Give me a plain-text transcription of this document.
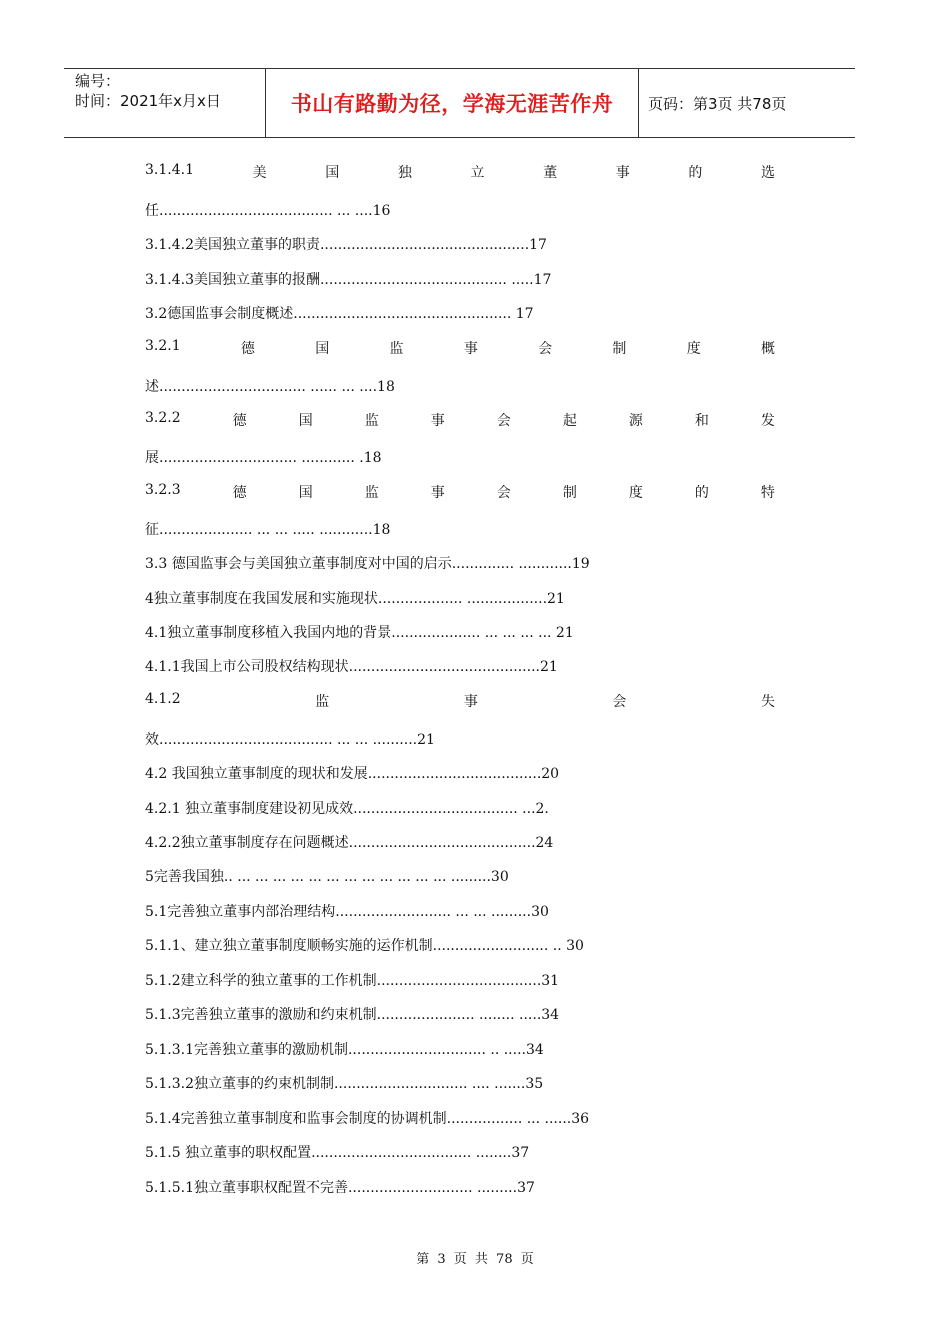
编号：
时间：2021年x月x日	书山有路勤为径，学海无涯苦作舟	页码：第3页 共78页
3.1.4.1	美	国	独	立	董	事	的	选
任....................................... ... ....16
3.1.4.2美国独立董事的职责...............................................17
3.1.4.3美国独立董事的报酬.......................................... .....17
3.2德国监事会制度概述................................................. 17
3.2.1	德	国	监	事	会	制	度	概
述................................. ...... ... ....18
3.2.2	德	国	监	事	会	起	源	和	发
展............................... ............ .18
3.2.3	德	国	监	事	会	制	度	的	特
征..................... ... ... ..... ............18
3.3 德国监事会与美国独立董事制度对中国的启示.............. ............19
4独立董事制度在我国发展和实施现状................... ..................21
4.1独立董事制度移植入我国内地的背景.................... ... ... ... ... 21
4.1.1我国上市公司股权结构现状...........................................21
4.1.2	监	事	会	失
效....................................... ... ... ..........21
4.2 我国独立董事制度的现状和发展.......................................20
4.2.1 独立董事制度建设初见成效..................................... ...2.
4.2.2独立董事制度存在问题概述..........................................24
5完善我国独.. ... ... ... ... ... ... ... ... ... ... ... ... .........30
5.1完善独立董事内部治理结构.......................... ... ... .........30
5.1.1、建立独立董事制度顺畅实施的运作机制.......................... .. 30
5.1.2建立科学的独立董事的工作机制.....................................31
5.1.3完善独立董事的激励和约束机制...................... ........ .....34
5.1.3.1完善独立董事的激励机制............................... .. .....34
5.1.3.2独立董事的约束机制制.............................. .... .......35
5.1.4完善独立董事制度和监事会制度的协调机制................. ... ......36
5.1.5 独立董事的职权配置.................................... ........37
5.1.5.1独立董事职权配置不完善............................ .........37
第 3 页 共 78 页
